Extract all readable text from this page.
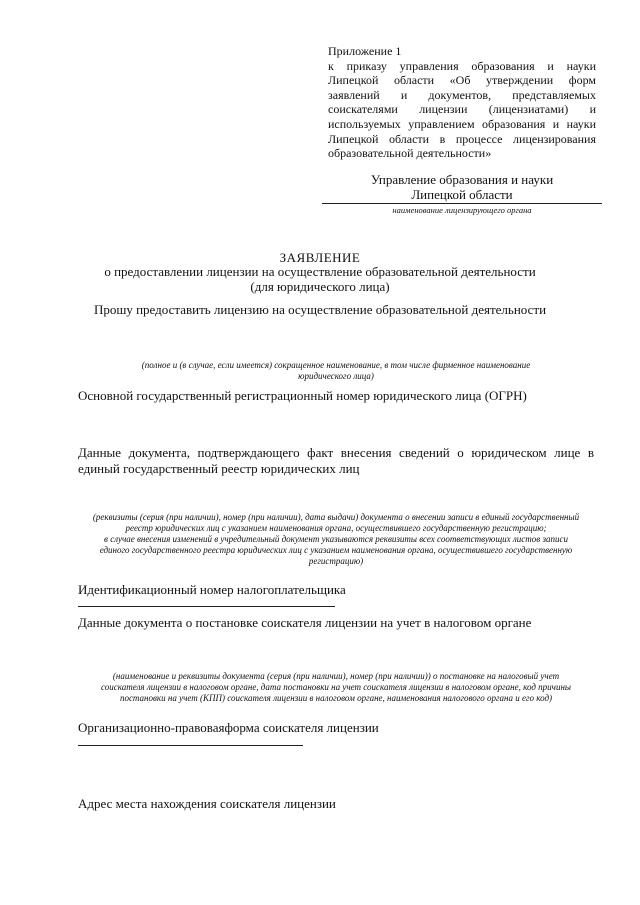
Приложение 1
к приказу управления образования и науки
Липецкой области «Об утверждении форм
заявлений и документов, представляемых
соискателями лицензии (лицензиатами) и
используемых управлением образования и науки
Липецкой области в процессе лицензирования
образовательной деятельности»
Управление образования и науки
Липецкой области
наименование лицензирующего органа
ЗАЯВЛЕНИЕ
о предоставлении лицензии на осуществление образовательной деятельности
(для юридического лица)
Прошу предоставить лицензию на осуществление образовательной деятельности
(полное и (в случае, если имеется) сокращенное наименование, в том числе фирменное наименование
юридического лица)
Основной государственный регистрационный номер юридического лица (ОГРН)
Данные документа, подтверждающего факт внесения сведений о юридическом лице в
единый государственный реестр юридических лиц
(реквизиты (серия (при наличии), номер (при наличии), дата выдачи) документа о внесении записи в единый государственный
реестр юридических лиц с указанием наименования органа, осуществившего государственную регистрацию;
в случае внесения изменений в учредительный документ указываются реквизиты всех соответствующих листов записи
единого государственного реестра юридических лиц с указанием наименования органа, осуществившего государственную
регистрацию)
Идентификационный номер налогоплательщика
Данные документа о постановке соискателя лицензии на учет в налоговом органе
(наименование и реквизиты документа (серия (при наличии), номер (при наличии)) о постановке на налоговый учет
соискателя лицензии в налоговом органе, дата постановки на учет соискателя лицензии в налоговом органе, код причины
постановки на учет (КПП) соискателя лицензии в налоговом органе, наименования налогового органа и его код)
Организационно-правоваяформа соискателя лицензии
Адрес места нахождения соискателя лицензии
